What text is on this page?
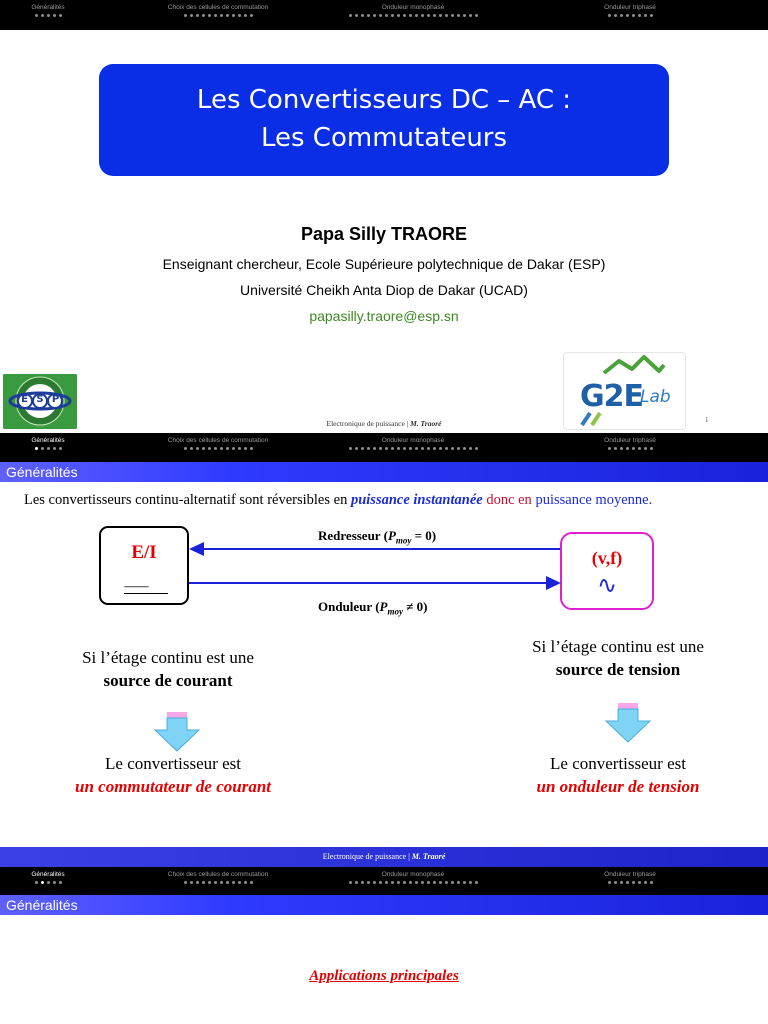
Généralités	Choix des cellules de commutation	Onduleur monophasé	Onduleur triphasé
Les Convertisseurs DC – AC :
Les Commutateurs
Papa Silly TRAORE
Enseignant chercheur, Ecole Supérieure polytechnique de Dakar (ESP)
Université Cheikh Anta Diop de Dakar (UCAD)
papasilly.traore@esp.sn
E S P	G2E
Lab
Electronique de puissance | M. Traoré	1
Généralités	Choix des cellules de commutation	Onduleur monophasé	Onduleur triphasé
Généralités
Les convertisseurs continu-alternatif sont réversibles en puissance instantanée donc en puissance moyenne.
E/I
------------
(v,f)
∿
Redresseur $(P_{moy} = 0)$
Onduleur $(P_{moy} \ne 0)$
Si l’étage continu est une
source de courant
Si l’étage continu est une
source de tension
Le convertisseur est
un commutateur de courant
Le convertisseur est
un onduleur de tension
Electronique de puissance | M. Traoré
Généralités	Choix des cellules de commutation	Onduleur monophasé	Onduleur triphasé
Généralités
Applications principales
